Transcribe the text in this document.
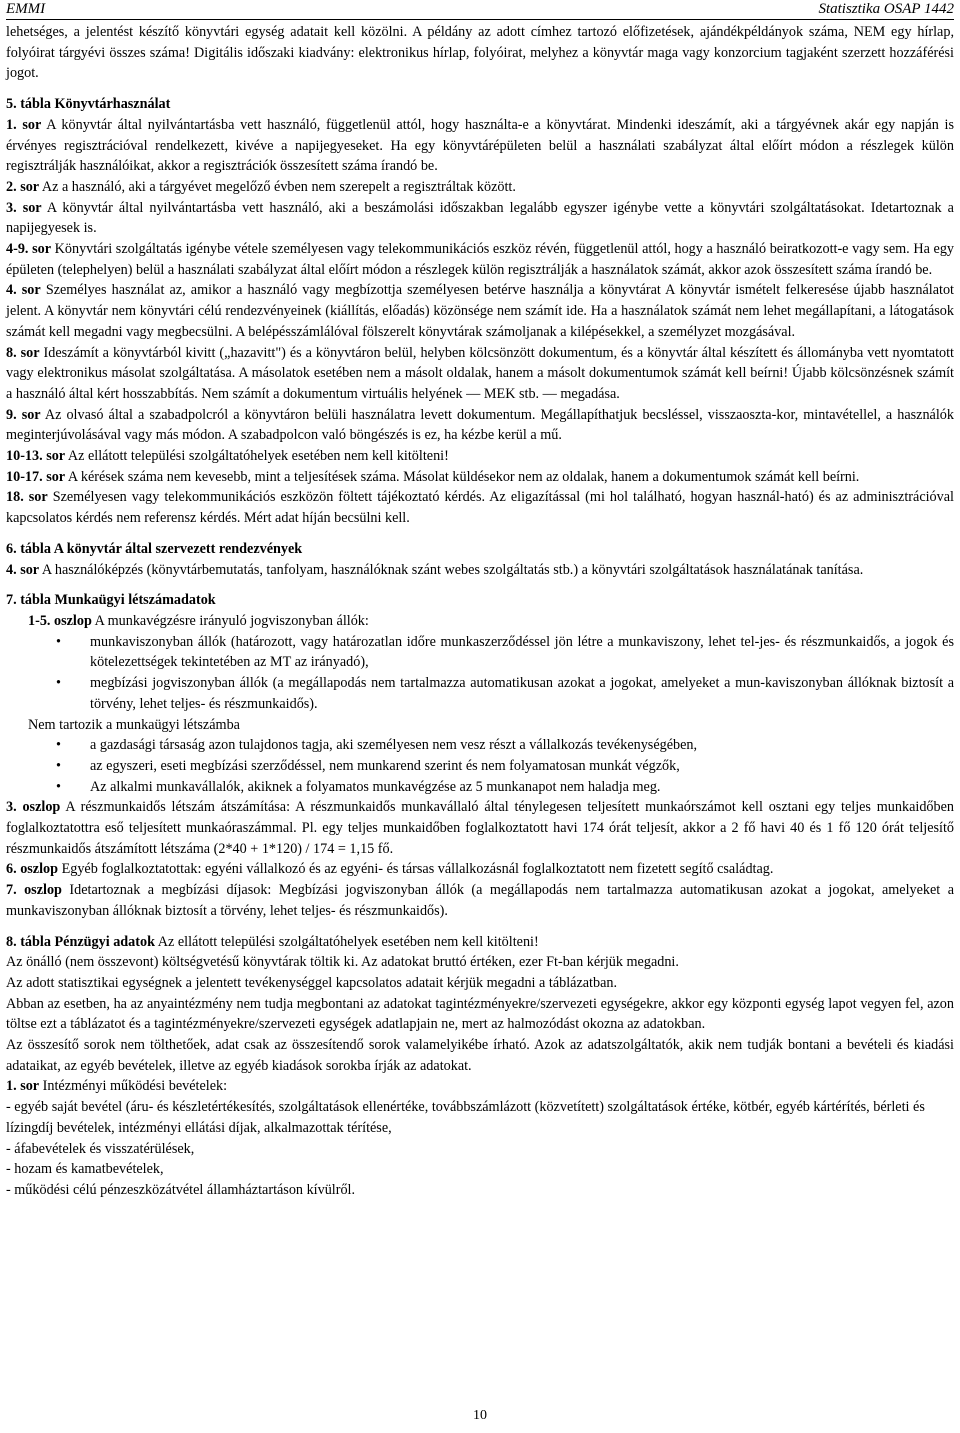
EMMI	Statisztika OSAP 1442

lehetséges, a jelentést készítő könyvtári egység adatait kell közölni. A példány az adott címhez tartozó előfizetések, ajándékpéldányok száma, NEM egy hírlap, folyóirat tárgyévi összes száma! Digitális időszaki kiadvány: elektronikus hírlap, folyóirat, melyhez a könyvtár maga vagy konzorcium tagjaként szerzett hozzáférési jogot.

5. tábla Könyvtárhasználat

1. sor A könyvtár által nyilvántartásba vett használó, függetlenül attól, hogy használta-e a könyvtárat. Mindenki ideszámít, aki a tárgyévnek akár egy napján is érvényes regisztrációval rendelkezett, kivéve a napijegyeseket. Ha egy könyvtárépületen belül a használati szabályzat által előírt módon a részlegek külön regisztrálják használóikat, akkor a regisztrációk összesített száma írandó be.

2. sor Az a használó, aki a tárgyévet megelőző évben nem szerepelt a regisztráltak között.

3. sor A könyvtár által nyilvántartásba vett használó, aki a beszámolási időszakban legalább egyszer igénybe vette a könyvtári szolgáltatásokat. Idetartoznak a napijegyesek is.

4-9. sor Könyvtári szolgáltatás igénybe vétele személyesen vagy telekommunikációs eszköz révén, függetlenül attól, hogy a használó beiratkozott-e vagy sem. Ha egy épületen (telephelyen) belül a használati szabályzat által előírt módon a részlegek külön regisztrálják a használatok számát, akkor azok összesített száma írandó be.

4. sor Személyes használat az, amikor a használó vagy megbízottja személyesen betérve használja a könyvtárat A könyvtár ismételt felkeresése újabb használatot jelent. A könyvtár nem könyvtári célú rendezvényeinek (kiállítás, előadás) közönsége nem számít ide. Ha a használatok számát nem lehet megállapítani, a látogatások számát kell megadni vagy megbecsülni. A belépésszámlálóval fölszerelt könyvtárak számoljanak a kilépésekkel, a személyzet mozgásával.

8. sor Ideszámít a könyvtárból kivitt („hazavitt") és a könyvtáron belül, helyben kölcsönzött dokumentum, és a könyvtár által készített és állományba vett nyomtatott vagy elektronikus másolat szolgáltatása. A másolatok esetében nem a másolt oldalak, hanem a másolt dokumentumok számát kell beírni! Újabb kölcsönzésnek számít a használó által kért hosszabbítás. Nem számít a dokumentum virtuális helyének — MEK stb. — megadása.

9. sor Az olvasó által a szabadpolcról a könyvtáron belüli használatra levett dokumentum. Megállapíthatjuk becsléssel, visszaoszta-kor, mintavétellel, a használók meginterjúvolásával vagy más módon. A szabadpolcon való böngészés is ez, ha kézbe kerül a mű.

10-13. sor Az ellátott települési szolgáltatóhelyek esetében nem kell kitölteni!

10-17. sor A kérések száma nem kevesebb, mint a teljesítések száma. Másolat küldésekor nem az oldalak, hanem a dokumentumok számát kell beírni.

18. sor Személyesen vagy telekommunikációs eszközön föltett tájékoztató kérdés. Az eligazítással (mi hol található, hogyan használ-ható) és az adminisztrációval kapcsolatos kérdés nem referensz kérdés. Mért adat híján becsülni kell.

6. tábla A könyvtár által szervezett rendezvények

4. sor A használóképzés (könyvtárbemutatás, tanfolyam, használóknak szánt webes szolgáltatás stb.) a könyvtári szolgáltatások használatának tanítása.

7. tábla Munkaügyi létszámadatok

1-5. oszlop A munkavégzésre irányuló jogviszonyban állók:

• munkaviszonyban állók (határozott, vagy határozatlan időre munkaszerződéssel jön létre a munkaviszony, lehet tel-jes- és részmunkaidős, a jogok és kötelezettségek tekintetében az MT az irányadó),
• megbízási jogviszonyban állók (a megállapodás nem tartalmazza automatikusan azokat a jogokat, amelyeket a mun-kaviszonyban állóknak biztosít a törvény, lehet teljes- és részmunkaidős).

Nem tartozik a munkaügyi létszámba

• a gazdasági társaság azon tulajdonos tagja, aki személyesen nem vesz részt a vállalkozás tevékenységében,
• az egyszeri, eseti megbízási szerződéssel, nem munkarend szerint és nem folyamatosan munkát végzők,
• Az alkalmi munkavállalók, akiknek a folyamatos munkavégzése az 5 munkanapot nem haladja meg.

3. oszlop A részmunkaidős létszám átszámítása: A részmunkaidős munkavállaló által ténylegesen teljesített munkaórszámot kell osztani egy teljes munkaidőben foglalkoztatottra eső teljesített munkaóraszámmal. Pl. egy teljes munkaidőben foglalkoztatott havi 174 órát teljesít, akkor a 2 fő havi 40 és 1 fő 120 órát teljesítő részmunkaidős átszámított létszáma (2*40 + 1*120) / 174 = 1,15 fő.

6. oszlop Egyéb foglalkoztatottak: egyéni vállalkozó és az egyéni- és társas vállalkozásnál foglalkoztatott nem fizetett segítő családtag.

7. oszlop Idetartoznak a megbízási díjasok: Megbízási jogviszonyban állók (a megállapodás nem tartalmazza automatikusan azokat a jogokat, amelyeket a munkaviszonyban állóknak biztosít a törvény, lehet teljes- és részmunkaidős).

8. tábla Pénzügyi adatok Az ellátott települési szolgáltatóhelyek esetében nem kell kitölteni!

Az önálló (nem összevont) költségvetésű könyvtárak töltik ki. Az adatokat bruttó értéken, ezer Ft-ban kérjük megadni.

Az adott statisztikai egységnek a jelentett tevékenységgel kapcsolatos adatait kérjük megadni a táblázatban.

Abban az esetben, ha az anyaintézmény nem tudja megbontani az adatokat tagintézményekre/szervezeti egységekre, akkor egy központi egység lapot vegyen fel, azon töltse ezt a táblázatot és a tagintézményekre/szervezeti egységek adatlapjain ne, mert az halmozódást okozna az adatokban.

Az összesítő sorok nem tölthetőek, adat csak az összesítendő sorok valamelyikébe írható. Azok az adatszolgáltatók, akik nem tudják bontani a bevételi és kiadási adataikat, az egyéb bevételek, illetve az egyéb kiadások sorokba írják az adatokat.

1. sor Intézményi működési bevételek:

- egyéb saját bevétel (áru- és készletértékesítés, szolgáltatások ellenértéke, továbbszámlázott (közvetített) szolgáltatások értéke, kötbér, egyéb kártérítés, bérleti és lízingdíj bevételek, intézményi ellátási díjak, alkalmazottak térítése,

- áfabevételek és visszatérülések,

- hozam és kamatbevételek,

- működési célú pénzeszközátvétel államháztartáson kívülről.

10
